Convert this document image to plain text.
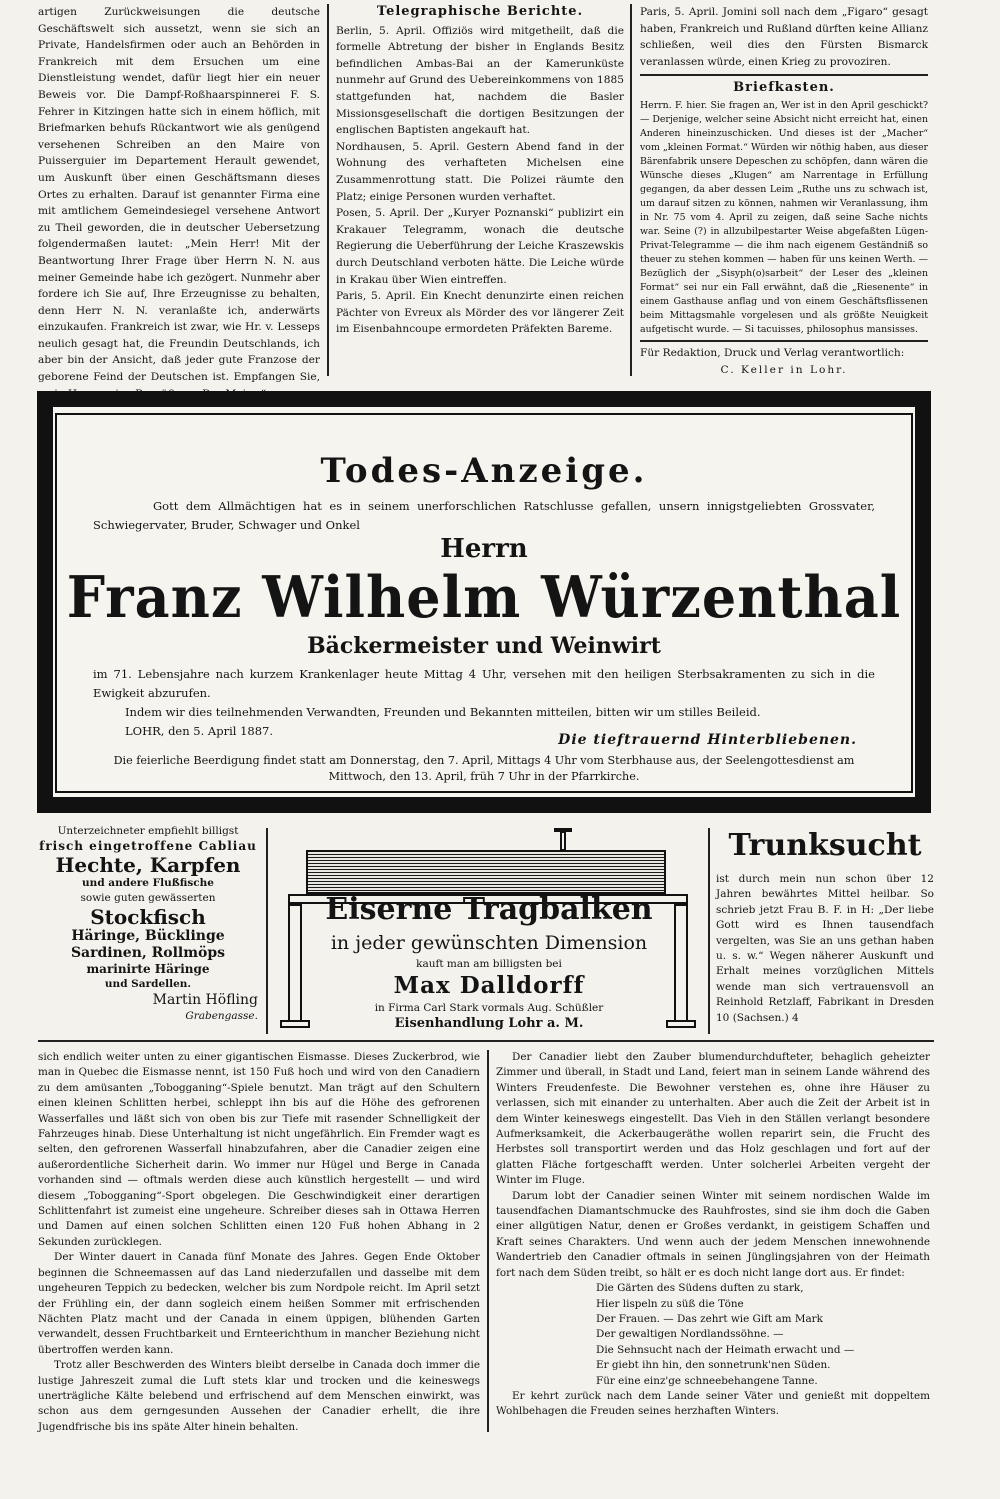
artigen Zurückweisungen die deutsche Geschäftswelt sich aussetzt, wenn sie sich an Private, Handelsfirmen oder auch an Behörden in Frankreich mit dem Ersuchen um eine Dienstleistung wendet, dafür liegt hier ein neuer Beweis vor. Die Dampf-Roßhaarspinnerei F. S. Fehrer in Kitzingen hatte sich in einem höflich, mit Briefmarken behufs Rückantwort wie als genügend versehenen Schreiben an den Maire von Puisserguier im Departement Herault gewendet, um Auskunft über einen Geschäftsmann dieses Ortes zu erhalten. Darauf ist genannter Firma eine mit amtlichem Gemeindesiegel versehene Antwort zu Theil geworden, die in deutscher Uebersetzung folgendermaßen lautet: „Mein Herr! Mit der Beantwortung Ihrer Frage über Herrn N. N. aus meiner Gemeinde habe ich gezögert. Nunmehr aber fordere ich Sie auf, Ihre Erzeugnisse zu behalten, denn Herr N. N. veranlaßte ich, anderwärts einzukaufen. Frankreich ist zwar, wie Hr. v. Lesseps neulich gesagt hat, die Freundin Deutschlands, ich aber bin der Ansicht, daß jeder gute Franzose der geborene Feind der Deutschen ist. Empfangen Sie,

Telegraphische Berichte.

Berlin, 5. April. Offiziös wird mitgetheilt, daß die formelle Abtretung der bisher in Englands Besitz befindlichen Ambas-Bai an der Kamerunküste nunmehr auf Grund des Uebereinkommens von 1885 stattgefunden hat, nachdem die Basler Missionsgesellschaft die dortigen Besitzungen der englischen Baptisten angekauft hat.

Nordhausen, 5. April. Gestern Abend fand in der Wohnung des verhafteten Michelsen eine Zusammenrottung statt. Die Polizei räumte den Platz; einige Personen wurden verhaftet.

Posen, 5. April. Der „Kuryer Poznanski“ publizirt ein Krakauer Telegramm, wonach die deutsche Regierung die Ueberführung der Leiche Kraszewskis durch Deutschland verboten hätte. Die Leiche würde in Krakau über Wien eintreffen.

Paris, 5. April. Ein Knecht denunzirte einen reichen Pächter von Evreux als Mörder des vor längerer Zeit im Eisenbahncoupe ermordeten Präfekten Bareme.

Paris, 5. April. Jomini soll nach dem „Figaro“ gesagt haben, Frankreich und Rußland dürften keine Allianz schließen, weil dies den Fürsten Bismarck veranlassen würde, einen Krieg zu provoziren.

Briefkasten.

Herrn. F. hier. Sie fragen an, Wer ist in den April geschickt? — Derjenige, welcher seine Absicht nicht erreicht hat, einen Anderen hineinzuschicken. Und dieses ist der „Macher“ vom „kleinen Format.“ Würden wir nöthig haben, aus dieser Bärenfabrik unsere Depeschen zu schöpfen, dann wären die Wünsche dieses „Klugen“ am Narrentage in Erfüllung gegangen, da aber dessen Leim „Ruthe uns zu schwach ist, um darauf sitzen zu können, nahmen wir Veranlassung, ihm in Nr. 75 vom 4. April zu zeigen, daß seine Sache nichts war. Seine (?) in allzubilpestarter Weise abgefaßten Lügen-Privat-Telegramme — die ihm nach eigenem Geständniß so theuer zu stehen kommen — haben für uns keinen Werth. — Bezüglich der „Sisyph(o)sarbeit“ der Leser des „kleinen Format“ sei nur ein Fall erwähnt, daß die „Riesenente“ in einem Gasthause anflag und von einem Geschäftsflissenen beim Mittagsmahle vorgelesen und als größte Neuigkeit aufgetischt wurde. — Si tacuisses, philosophus mansisses.

Für Redaktion, Druck und Verlag verantwortlich:

C. Keller in Lohr.

Todes-Anzeige.
Gott dem Allmächtigen hat es in seinem unerforschlichen Ratschlusse gefallen, unsern innigstgeliebten Grossvater, Schwiegervater, Bruder, Schwager und Onkel
Herrn
Franz Wilhelm Würzenthal
Bäckermeister und Weinwirt

im 71. Lebensjahre nach kurzem Krankenlager heute Mittag 4 Uhr, versehen mit den heiligen Sterbsakramenten zu sich in die Ewigkeit abzurufen.

Indem wir dies teilnehmenden Verwandten, Freunden und Bekannten mitteilen, bitten wir um stilles Beileid.

LOHR, den 5. April 1887.

Die tieftrauernd Hinterbliebenen.
Die feierliche Beerdigung findet statt am Donnerstag, den 7. April, Mittags 4 Uhr vom Sterbhause aus, der Seelengottesdienst am Mittwoch, den 13. April, früh 7 Uhr in der Pfarrkirche.
Unterzeichneter empfiehlt billigst
frisch eingetroffene Cabliau
Hechte, Karpfen
und andere Flußfische
sowie guten gewässerten
Stockfisch
Häringe, Bücklinge
Sardinen, Rollmöps
marinirte Häringe
und Sardellen.
Martin Höfling
Grabengasse.
Eiserne Tragbalken
in jeder gewünschten Dimension
kauft man am billigsten bei
Max Dalldorff
in Firma Carl Stark vormals Aug. Schüßler
Eisenhandlung Lohr a. M.
Trunksucht
ist durch mein nun schon über 12 Jahren bewährtes Mittel heilbar. So schrieb jetzt Frau B. F. in H: „Der liebe Gott wird es Ihnen tausendfach vergelten, was Sie an uns gethan haben u. s. w.“ Wegen näherer Auskunft und Erhalt meines vorzüglichen Mittels wende man sich vertrauensvoll an Reinhold Retzlaff, Fabrikant in Dresden 10 (Sachsen.) 4

sich endlich weiter unten zu einer gigantischen Eismasse. Dieses Zuckerbrod, wie man in Quebec die Eismasse nennt, ist 150 Fuß hoch und wird von den Canadiern zu dem amüsanten „Tobogganing“-Spiele benutzt. Man trägt auf den Schultern einen kleinen Schlitten herbei, schleppt ihn bis auf die Höhe des gefrorenen Wasserfalles und läßt sich von oben bis zur Tiefe mit rasender Schnelligkeit der Fahrzeuges hinab. Diese Unterhaltung ist nicht ungefährlich. Ein Fremder wagt es selten, den gefrorenen Wasserfall hinabzufahren, aber die Canadier zeigen eine außerordentliche Sicherheit darin. Wo immer nur Hügel und Berge in Canada vorhanden sind — oftmals werden diese auch künstlich hergestellt — und wird diesem „Tobogganing“-Sport obgelegen. Die Geschwindigkeit einer derartigen Schlittenfahrt ist zumeist eine ungeheure. Schreiber dieses sah in Ottawa Herren und Damen auf einen solchen Schlitten einen 120 Fuß hohen Abhang in 2 Sekunden zurücklegen.

Der Winter dauert in Canada fünf Monate des Jahres. Gegen Ende Oktober beginnen die Schneemassen auf das Land niederzufallen und dasselbe mit dem ungeheuren Teppich zu bedecken, welcher bis zum Nordpole reicht. Im April setzt der Frühling ein, der dann sogleich einem heißen Sommer mit erfrischenden Nächten Platz macht und der Canada in einem üppigen, blühenden Garten verwandelt, dessen Fruchtbarkeit und Ernteerichthum in mancher Beziehung nicht übertroffen werden kann.

Trotz aller Beschwerden des Winters bleibt derselbe in Canada doch immer die lustige Jahreszeit zumal die Luft stets klar und trocken und die keineswegs unerträgliche Kälte belebend und erfrischend auf dem Menschen einwirkt, was schon aus dem gerngesunden Aussehen der Canadier erhellt, die ihre Jugendfrische bis ins späte Alter hinein behalten.

Der Canadier liebt den Zauber blumendurchdufteter, behaglich geheizter Zimmer und überall, in Stadt und Land, feiert man in seinem Lande während des Winters Freudenfeste. Die Bewohner verstehen es, ohne ihre Häuser zu verlassen, sich mit einander zu unterhalten. Aber auch die Zeit der Arbeit ist in dem Winter keineswegs eingestellt. Das Vieh in den Ställen verlangt besondere Aufmerksamkeit, die Ackerbaugeräthe wollen reparirt sein, die Frucht des Herbstes soll transportirt werden und das Holz geschlagen und fort auf der glatten Fläche fortgeschafft werden. Unter solcherlei Arbeiten vergeht der Winter im Fluge.

Darum lobt der Canadier seinen Winter mit seinem nordischen Walde im tausendfachen Diamantschmucke des Rauhfrostes, sind sie ihm doch die Gaben einer allgütigen Natur, denen er Großes verdankt, in geistigem Schaffen und Kraft seines Charakters. Und wenn auch der jedem Menschen innewohnende Wandertrieb den Canadier oftmals in seinen Jünglingsjahren von der Heimath fort nach dem Süden treibt, so hält er es doch nicht lange dort aus. Er findet:

Die Gärten des Südens duften zu stark,
Hier lispeln zu süß die Töne
Der Frauen. — Das zehrt wie Gift am Mark
Der gewaltigen Nordlandssöhne. —
Die Sehnsucht nach der Heimath erwacht und —
Er giebt ihn hin, den sonnetrunk'nen Süden.
Für eine einz'ge schneebehangene Tanne.

Er kehrt zurück nach dem Lande seiner Väter und genießt mit doppeltem Wohlbehagen die Freuden seines herzhaften Winters.
